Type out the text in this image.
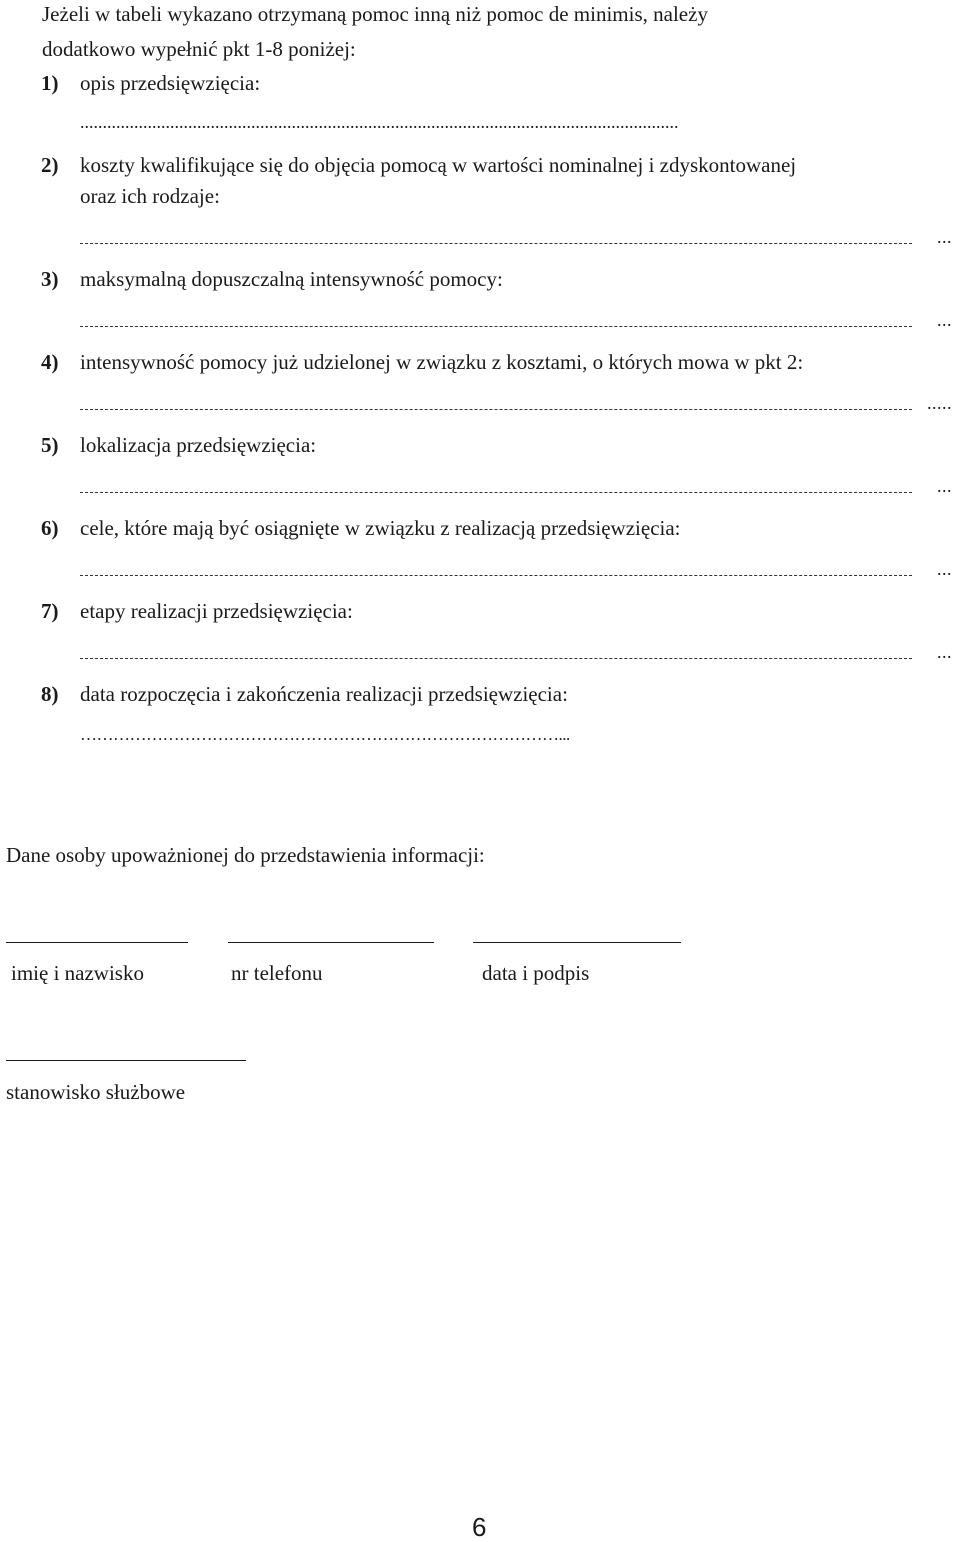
Jeżeli w tabeli wykazano otrzymaną pomoc inną niż pomoc de minimis, należy
dodatkowo wypełnić pkt 1-8 poniżej:
1) opis przedsięwzięcia:
.....................................................................................................................................
2) koszty kwalifikujące się do objęcia pomocą w wartości nominalnej i zdyskontowanej
oraz ich rodzaje:
...
3) maksymalną dopuszczalną intensywność pomocy:
...
4) intensywność pomocy już udzielonej w związku z kosztami, o których mowa w pkt 2:
.....
5) lokalizacja przedsięwzięcia:
...
6) cele, które mają być osiągnięte w związku z realizacją przedsięwzięcia:
...
7) etapy realizacji przedsięwzięcia:
...
8) data rozpoczęcia i zakończenia realizacji przedsięwzięcia:
……………………………………………………………………………...
Dane osoby upoważnionej do przedstawienia informacji:
imię i nazwisko	nr telefonu	data i podpis
stanowisko służbowe
6
